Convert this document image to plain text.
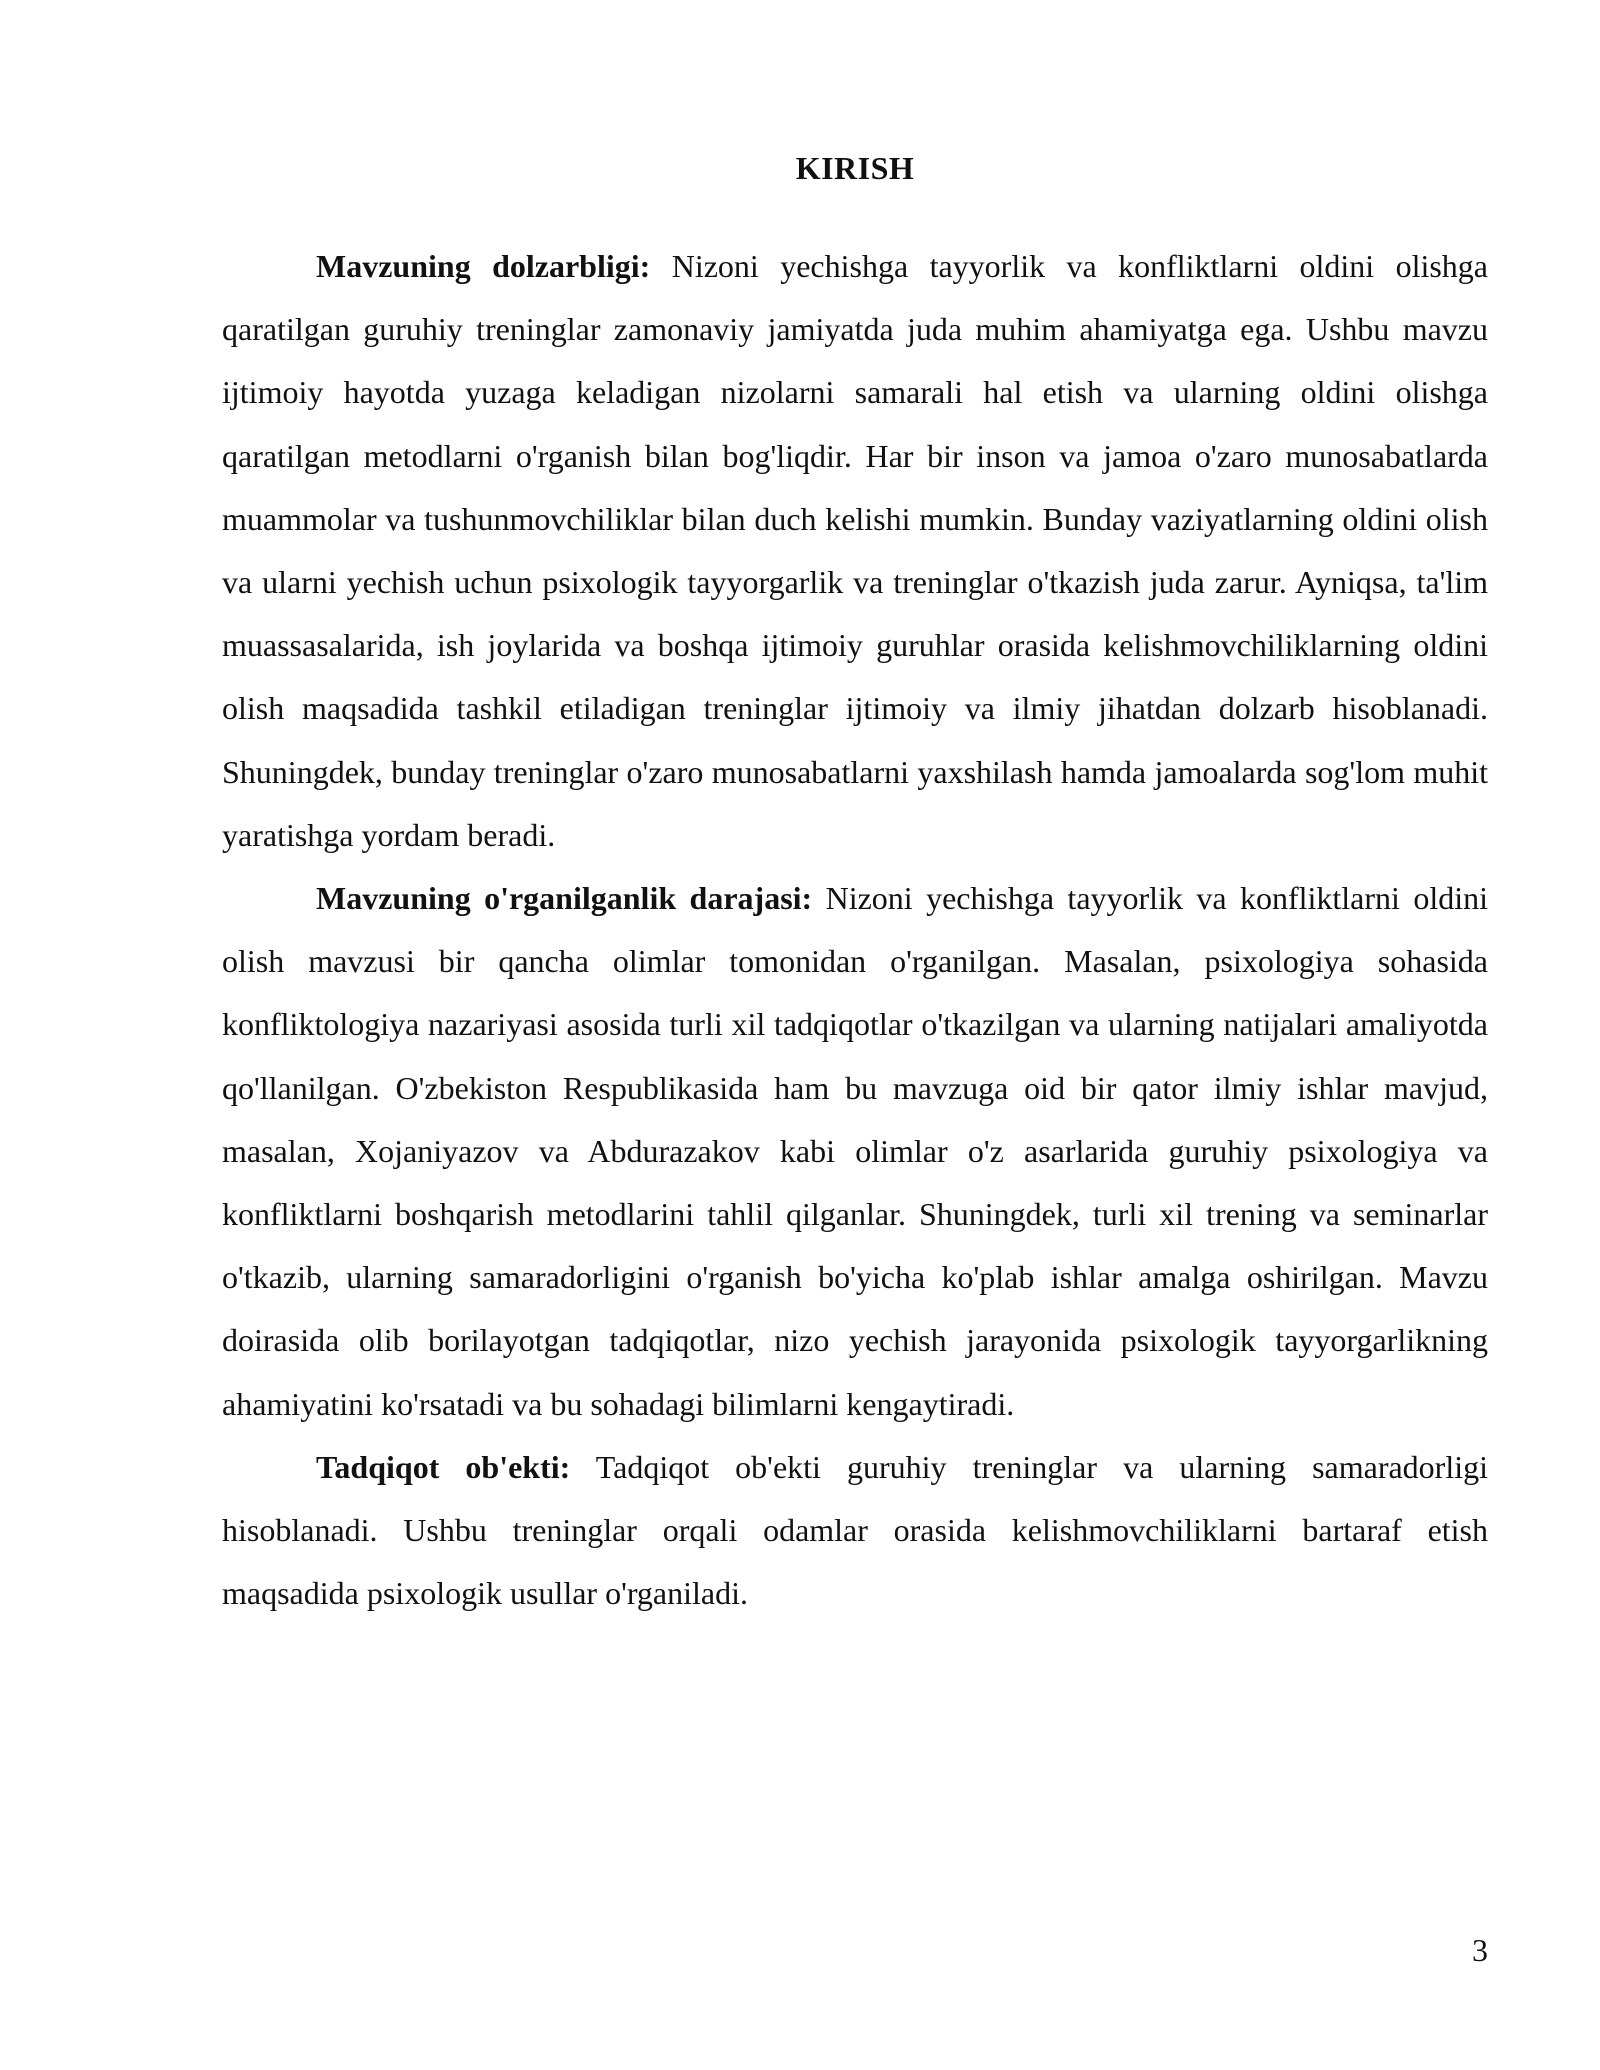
KIRISH

Mavzuning dolzarbligi: Nizoni yechishga tayyorlik va konfliktlarni oldini olishga qaratilgan guruhiy treninglar zamonaviy jamiyatda juda muhim ahamiyatga ega. Ushbu mavzu ijtimoiy hayotda yuzaga keladigan nizolarni samarali hal etish va ularning oldini olishga qaratilgan metodlarni o'rganish bilan bog'liqdir. Har bir inson va jamoa o'zaro munosabatlarda muammolar va tushunmovchiliklar bilan duch kelishi mumkin. Bunday vaziyatlarning oldini olish va ularni yechish uchun psixologik tayyorgarlik va treninglar o'tkazish juda zarur. Ayniqsa, ta'lim muassasalarida, ish joylarida va boshqa ijtimoiy guruhlar orasida kelishmovchiliklarning oldini olish maqsadida tashkil etiladigan treninglar ijtimoiy va ilmiy jihatdan dolzarb hisoblanadi. Shuningdek, bunday treninglar o'zaro munosabatlarni yaxshilash hamda jamoalarda sog'lom muhit yaratishga yordam beradi.

Mavzuning o'rganilganlik darajasi: Nizoni yechishga tayyorlik va konfliktlarni oldini olish mavzusi bir qancha olimlar tomonidan o'rganilgan. Masalan, psixologiya sohasida konfliktologiya nazariyasi asosida turli xil tadqiqotlar o'tkazilgan va ularning natijalari amaliyotda qo'llanilgan. O'zbekiston Respublikasida ham bu mavzuga oid bir qator ilmiy ishlar mavjud, masalan, Xojaniyazov va Abdurazakov kabi olimlar o'z asarlarida guruhiy psixologiya va konfliktlarni boshqarish metodlarini tahlil qilganlar. Shuningdek, turli xil trening va seminarlar o'tkazib, ularning samaradorligini o'rganish bo'yicha ko'plab ishlar amalga oshirilgan. Mavzu doirasida olib borilayotgan tadqiqotlar, nizo yechish jarayonida psixologik tayyorgarlikning ahamiyatini ko'rsatadi va bu sohadagi bilimlarni kengaytiradi.

Tadqiqot ob'ekti: Tadqiqot ob'ekti guruhiy treninglar va ularning samaradorligi hisoblanadi. Ushbu treninglar orqali odamlar orasida kelishmovchiliklarni bartaraf etish maqsadida psixologik usullar o'rganiladi.

3
